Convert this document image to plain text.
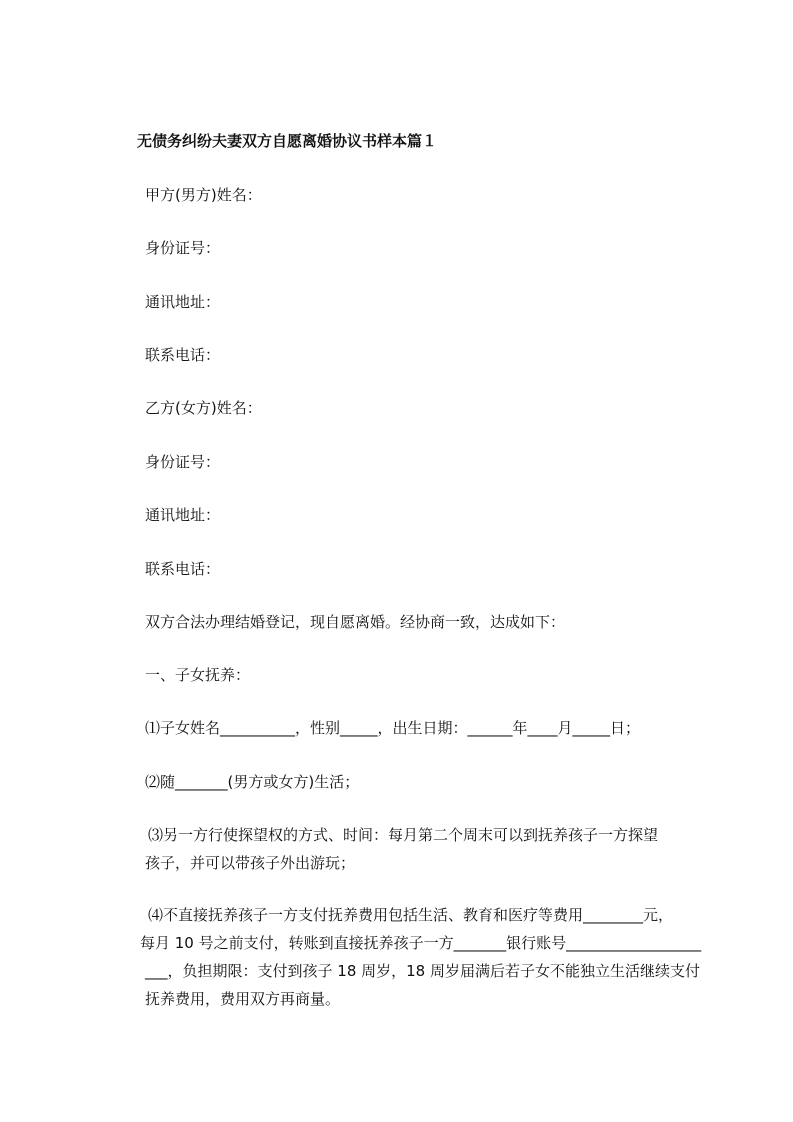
无债务纠纷夫妻双方自愿离婚协议书样本篇１
甲方(男方)姓名：
身份证号：
通讯地址：
联系电话：
乙方(女方)姓名：
身份证号：
通讯地址：
联系电话：
双方合法办理结婚登记，现自愿离婚。经协商一致，达成如下：
一、子女抚养：
⑴子女姓名__________，性别_____，出生日期：______年____月_____日；
⑵随_______(男方或女方)生活；
⑶另一方行使探望权的方式、时间：每月第二个周末可以到抚养孩子一方探望
孩子，并可以带孩子外出游玩；
⑷不直接抚养孩子一方支付抚养费用包括生活、教育和医疗等费用________元，
每月 10 号之前支付，转账到直接抚养孩子一方_______银行账号__________________
___，负担期限：支付到孩子 18 周岁，18 周岁届满后若子女不能独立生活继续支付
抚养费用，费用双方再商量。
